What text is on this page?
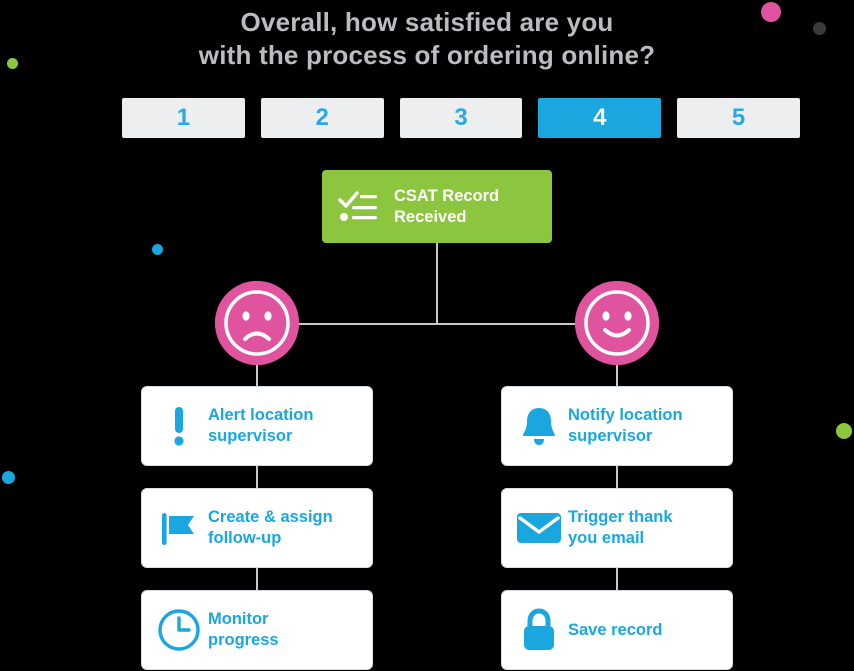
Overall, how satisfied are you
with the process of ordering online?
1	2	3	4	5
CSAT Record
Received
Alert location
supervisor
Create & assign
follow-up
Monitor
progress
Notify location
supervisor
Trigger thank
you email
Save record
